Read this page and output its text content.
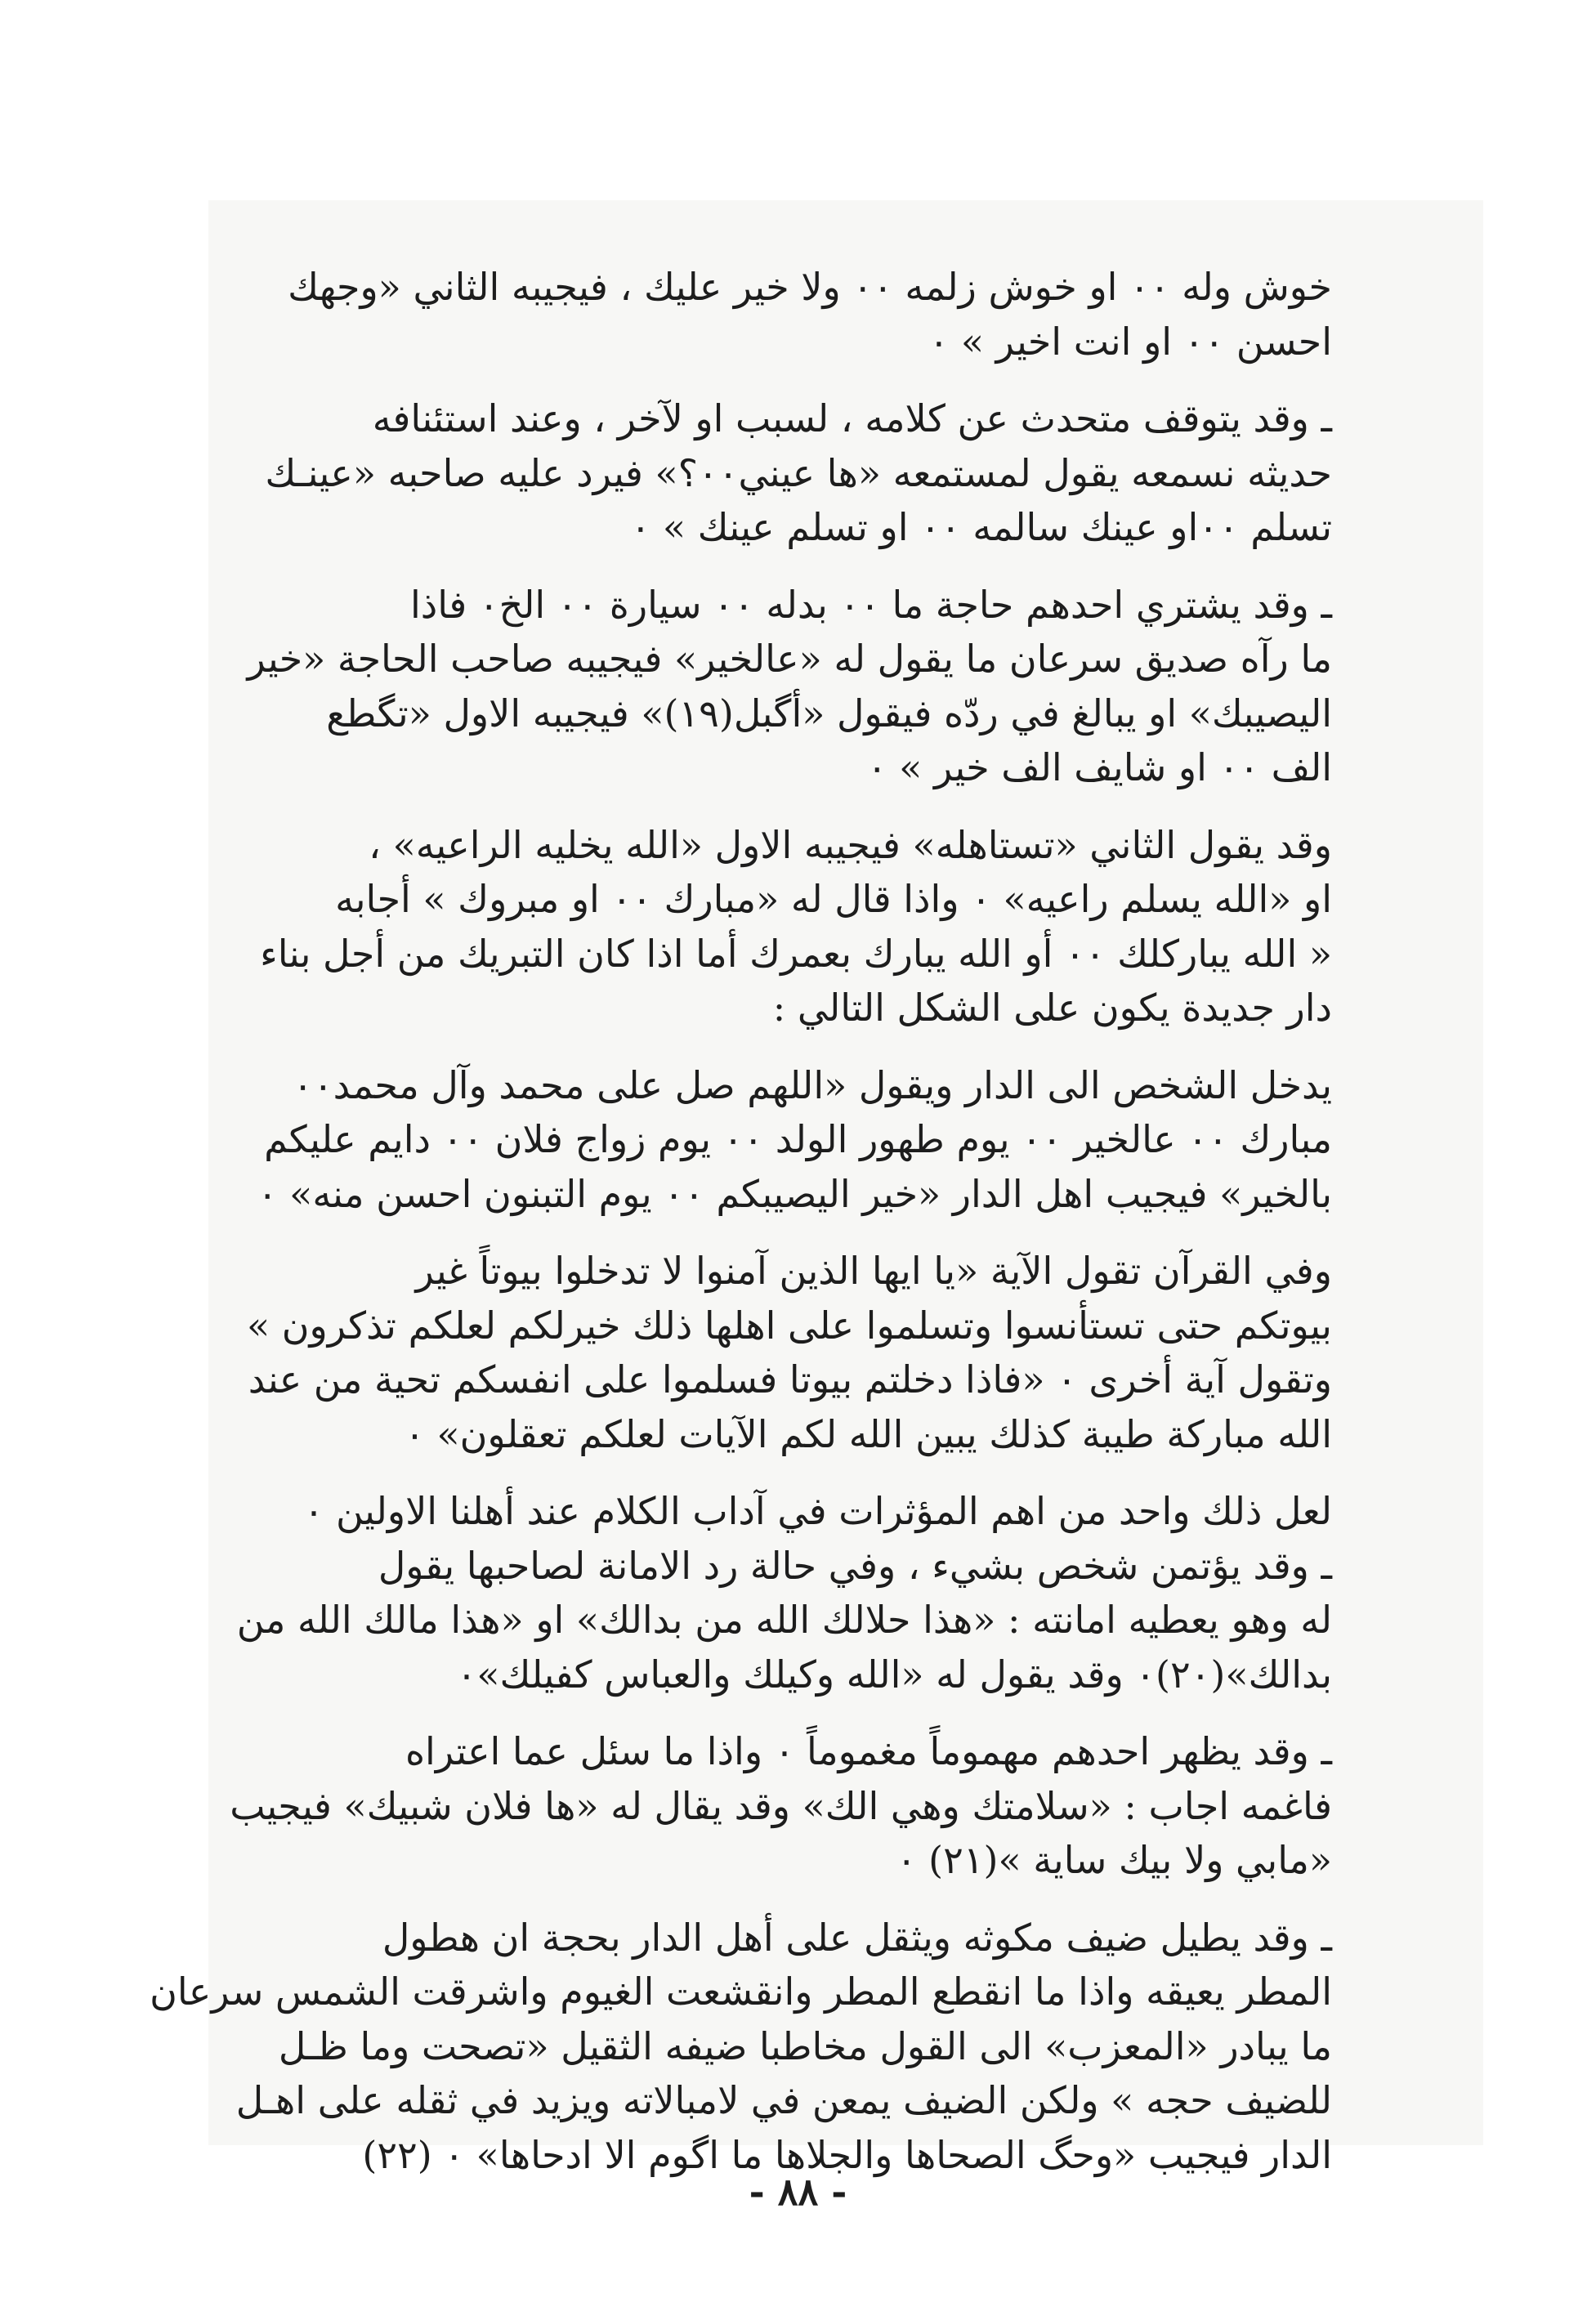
خوش وله ٠٠ او خوش زلمه ٠٠ ولا خير عليك ، فيجيبه الثاني «وجهك
احسن ٠٠ او انت اخير » ٠
ـ وقد يتوقف متحدث عن كلامه ، لسبب او لآخر ، وعند استئنافه
حديثه نسمعه يقول لمستمعه «ها عيني٠٠؟» فيرد عليه صاحبه «عينـك
تسلم ٠٠او عينك سالمه ٠٠ او تسلم عينك » ٠
ـ وقد يشتري احدهم حاجة ما ٠٠ بدله ٠٠ سيارة ٠٠ الخ٠ فاذا
ما رآه صديق سرعان ما يقول له «عالخير» فيجيبه صاحب الحاجة «خير
اليصيبك» او يبالغ في ردّه فيقول «أگبل(١٩)» فيجيبه الاول «تگطع
الف ٠٠ او شايف الف خير » ٠
وقد يقول الثاني «تستاهله» فيجيبه الاول «الله يخليه الراعيه» ،
او «الله يسلم راعيه» ٠ واذا قال له «مبارك ٠٠ او مبروك » أجابه
« الله يباركلك ٠٠ أو الله يبارك بعمرك أما اذا كان التبريك من أجل بناء
دار جديدة يكون على الشكل التالي :
يدخل الشخص الى الدار ويقول «اللهم صل على محمد وآل محمد٠٠
مبارك ٠٠ عالخير ٠٠ يوم طهور الولد ٠٠ يوم زواج فلان ٠٠ دايم عليكم
بالخير» فيجيب اهل الدار «خير اليصيبكم ٠٠ يوم التبنون احسن منه» ٠
وفي القرآن تقول الآية «يا ايها الذين آمنوا لا تدخلوا بيوتاً غير
بيوتكم حتى تستأنسوا وتسلموا على اهلها ذلك خيرلكم لعلكم تذكرون »
وتقول آية أخرى ٠ «فاذا دخلتم بيوتا فسلموا على انفسكم تحية من عند
الله مباركة طيبة كذلك يبين الله لكم الآيات لعلكم تعقلون» ٠
لعل ذلك واحد من اهم المؤثرات في آداب الكلام عند أهلنا الاولين ٠
ـ وقد يؤتمن شخص بشيء ، وفي حالة رد الامانة لصاحبها يقول
له وهو يعطيه امانته : «هذا حلالك الله من بدالك» او «هذا مالك الله من
بدالك»(٢٠)٠ وقد يقول له «الله وكيلك والعباس كفيلك»٠
ـ وقد يظهر احدهم مهموماً مغموماً ٠ واذا ما سئل عما اعتراه
فاغمه اجاب : «سلامتك وهي الك» وقد يقال له «ها فلان شبيك» فيجيب
«مابي ولا بيك ساية »(٢١) ٠
ـ وقد يطيل ضيف مكوثه ويثقل على أهل الدار بحجة ان هطول
المطر يعيقه واذا ما انقطع المطر وانقشعت الغيوم واشرقت الشمس سرعان
ما يبادر «المعزب» الى القول مخاطبا ضيفه الثقيل «تصحت وما ظـل
للضيف حجه » ولكن الضيف يمعن في لامبالاته ويزيد في ثقله على اهـل
الدار فيجيب «وحگ الصحاها والجلاها ما اگوم الا ادحاها» ٠ (٢٢)
- ٨٨ -
